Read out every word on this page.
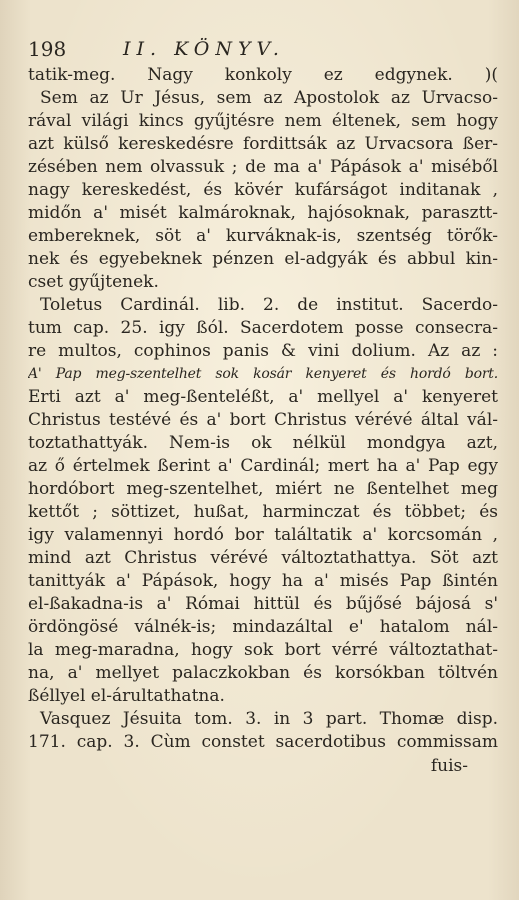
198	II. KÖNYV.
tatik-meg. Nagy konkoly ez edgynek. )(
Sem az Ur Jésus, sem az Apostolok az Urvacso-
rával világi kincs gyűjtésre nem éltenek, sem hogy
azt külső kereskedésre fordittsák az Urvacsora ßer-
zésében nem olvassuk ; de ma a' Pápások a' miséből
nagy kereskedést, és kövér kufárságot inditanak ,
midőn a' misét kalmároknak, hajósoknak, parasztt-
embereknek, söt a' kurváknak-is, szentség törők-
nek és egyebeknek pénzen el-adgyák és abbul kin-
cset gyűjtenek.
Toletus Cardinál. lib. 2. de institut. Sacerdo-
tum cap. 25. igy ßól. Sacerdotem posse consecra-
re multos, cophinos panis & vini dolium. Az az :
A' Pap meg-szentelhet sok kosár kenyeret és hordó bort.
Erti azt a' meg-ßenteléßt, a' mellyel a' kenyeret
Christus testévé és a' bort Christus vérévé által vál-
toztathattyák. Nem-is ok nélkül mondgya azt,
az ő értelmek ßerint a' Cardinál; mert ha a' Pap egy
hordóbort meg-szentelhet, miért ne ßentelhet meg
kettőt ; söttizet, hußat, harminczat és többet; és
igy valamennyi hordó bor találtatik a' korcsomán ,
mind azt Christus vérévé változtathattya. Söt azt
tanittyák a' Pápások, hogy ha a' misés Pap ßintén
el-ßakadna-is a' Római hittül és bűjősé bájosá s'
ördöngösé válnék-is; mindazáltal e' hatalom nál-
la meg-maradna, hogy sok bort vérré változtathat-
na, a' mellyet palaczkokban és korsókban töltvén
ßéllyel el-árultathatna.
Vasquez Jésuita tom. 3. in 3 part. Thomæ disp.
171. cap. 3. Cùm constet sacerdotibus commissam
fuis-
